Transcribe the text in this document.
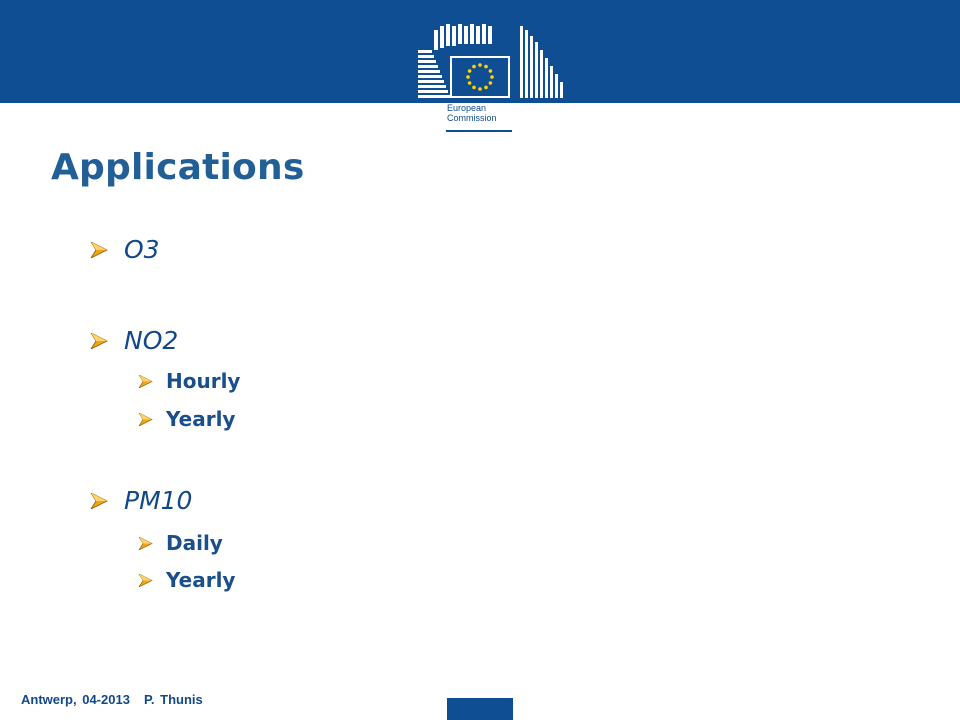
European
Commission
Applications
O3
NO2
Hourly
Yearly
PM10
Daily
Yearly
Antwerp, 04-2013 P. Thunis
